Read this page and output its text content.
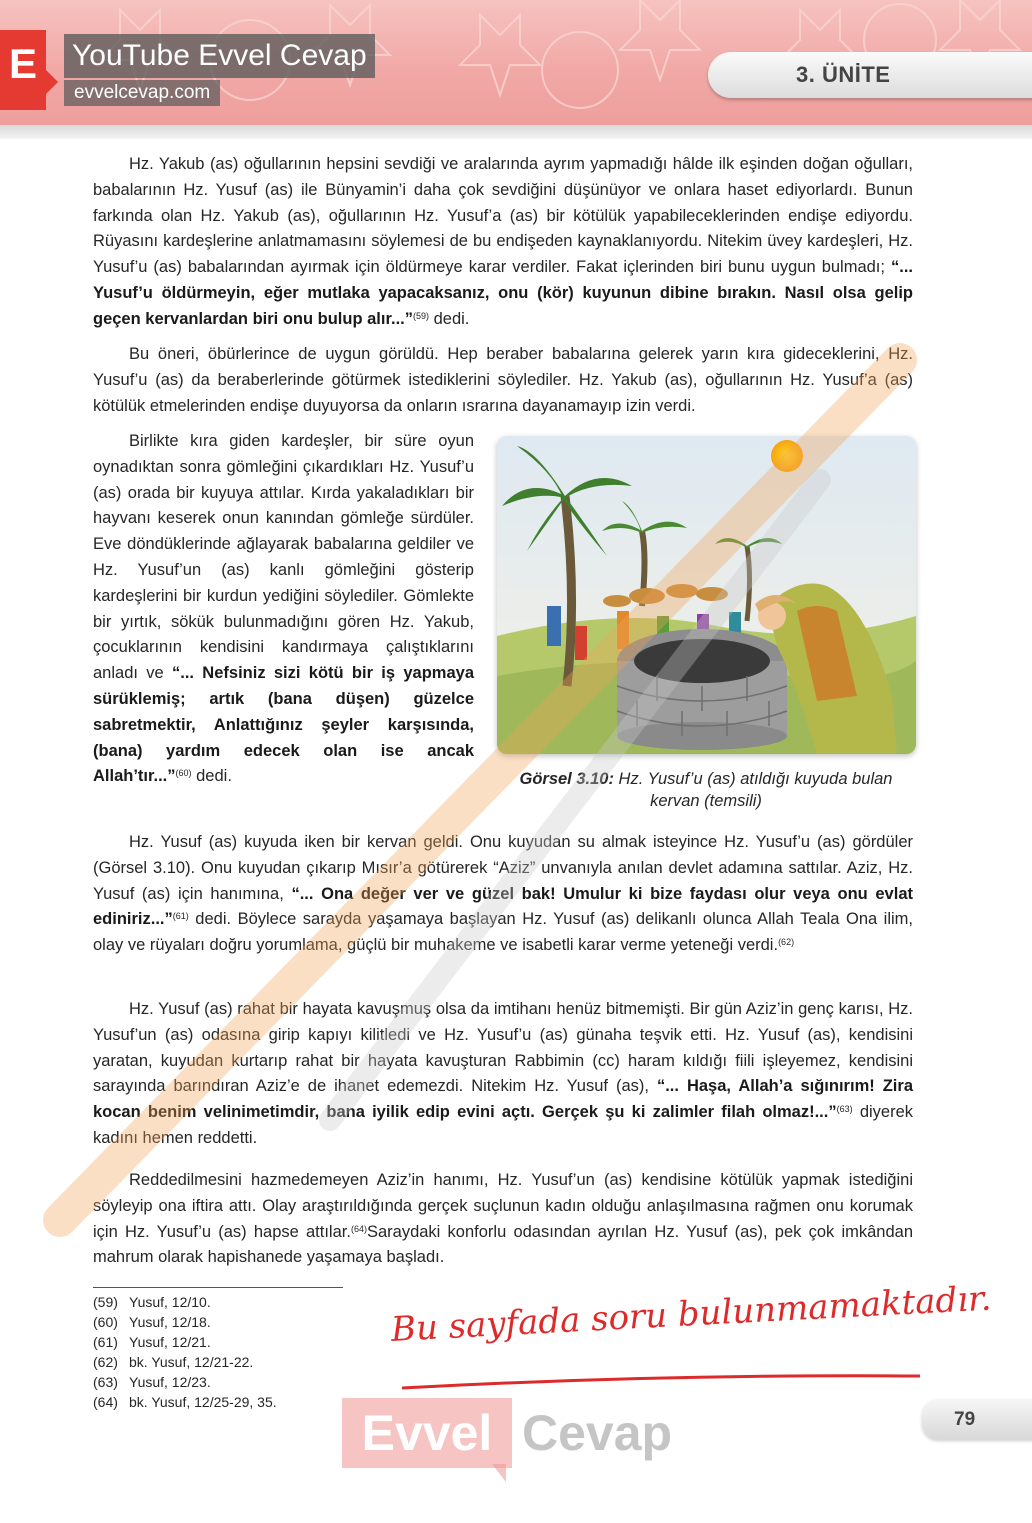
E	YouTube Evvel Cevap
evvelcevap.com
3. ÜNİTE

Hz. Yakub (as) oğullarının hepsini sevdiği ve aralarında ayrım yapmadığı hâlde ilk eşinden doğan oğulları, babalarının Hz. Yusuf (as) ile Bünyamin’i daha çok sevdiğini düşünüyor ve onlara haset ediyorlardı. Bunun farkında olan Hz. Yakub (as), oğullarının Hz. Yusuf’a (as) bir kötülük yapabileceklerinden endişe ediyordu. Rüyasını kardeşlerine anlatmamasını söylemesi de bu endişeden kaynaklanıyordu. Nitekim üvey kardeşleri, Hz. Yusuf’u (as) babalarından ayırmak için öldürmeye karar verdiler. Fakat içlerinden biri bunu uygun bulmadı; “... Yusuf’u öldürmeyin, eğer mutlaka yapacaksanız, onu (kör) kuyunun dibine bırakın. Nasıl olsa gelip geçen kervanlardan biri onu bulup alır...”$^{(59)}$ dedi.

Bu öneri, öbürlerince de uygun görüldü. Hep beraber babalarına gelerek yarın kıra gideceklerini, Hz. Yusuf’u (as) da beraberlerinde götürmek istediklerini söylediler. Hz. Yakub (as), oğullarının Hz. Yusuf’a (as) kötülük etmelerinden endişe duyuyorsa da onların ısrarına dayanamayıp izin verdi.

Birlikte kıra giden kardeşler, bir süre oyun oynadıktan sonra gömleğini çıkardıkları Hz. Yusuf’u (as) orada bir kuyuya attılar. Kırda yakaladıkları bir hayvanı keserek onun kanından gömleğe sürdüler. Eve döndüklerinde ağlayarak babalarına geldiler ve Hz. Yusuf’un (as) kanlı gömleğini gösterip kardeşlerini bir kurdun yediğini söylediler. Gömlekte bir yırtık, sökük bulunmadığını gören Hz. Yakub, çocuklarının kendisini kandırmaya çalıştıklarını anladı ve “... Nefsiniz sizi kötü bir iş yapmaya sürüklemiş; artık (bana düşen) güzelce sabretmektir, Anlattığınız şeyler karşısında, (bana) yardım edecek olan ise ancak Allah’tır...”$^{(60)}$ dedi.	Görsel 3.10: Hz. Yusuf’u (as) atıldığı kuyuda bulan kervan (temsili)

Hz. Yusuf (as) kuyuda iken bir kervan geldi. Onu kuyudan su almak isteyince Hz. Yusuf’u (as) gördüler (Görsel 3.10). Onu kuyudan çıkarıp Mısır’a götürerek “Aziz” unvanıyla anılan devlet adamına sattılar. Aziz, Hz. Yusuf (as) için hanımına, “... Ona değer ver ve güzel bak! Umulur ki bize faydası olur veya onu evlat ediniriz...”$^{(61)}$ dedi. Böylece sarayda yaşamaya başlayan Hz. Yusuf (as) delikanlı olunca Allah Teala Ona ilim, olay ve rüyaları doğru yorumlama, güçlü bir muhakeme ve isabetli karar verme yeteneği verdi.$^{(62)}$

Hz. Yusuf (as) rahat bir hayata kavuşmuş olsa da imtihanı henüz bitmemişti. Bir gün Aziz’in genç karısı, Hz. Yusuf’un (as) odasına girip kapıyı kilitledi ve Hz. Yusuf’u (as) günaha teşvik etti. Hz. Yusuf (as), kendisini yaratan, kuyudan kurtarıp rahat bir hayata kavuşturan Rabbimin (cc) haram kıldığı fiili işleyemez, kendisini sarayında barındıran Aziz’e de ihanet edemezdi. Nitekim Hz. Yusuf (as), “... Haşa, Allah’a sığınırım! Zira kocan benim velinimetimdir, bana iyilik edip evini açtı. Gerçek şu ki zalimler filah olmaz!...”$^{(63)}$ diyerek kadını hemen reddetti.

Reddedilmesini hazmedemeyen Aziz’in hanımı, Hz. Yusuf’un (as) kendisine kötülük yapmak istediğini söyleyip ona iftira attı. Olay araştırıldığında gerçek suçlunun kadın olduğu anlaşılmasına rağmen onu korumak için Hz. Yusuf’u (as) hapse attılar.$^{(64)}$Saraydaki konforlu odasından ayrılan Hz. Yusuf (as), pek çok imkândan mahrum olarak hapishanede yaşamaya başladı.

(59) Yusuf, 12/10.
(60) Yusuf, 12/18.
(61) Yusuf, 12/21.
(62) bk. Yusuf, 12/21-22.
(63) Yusuf, 12/23.
(64) bk. Yusuf, 12/25-29, 35.
Bu sayfada soru bulunmamaktadır.
Evvel Cevap	79
